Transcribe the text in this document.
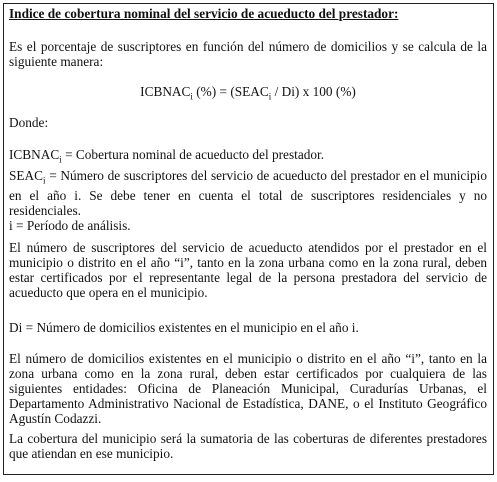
Indice de cobertura nominal del servicio de acueducto del prestador:
Es el porcentaje de suscriptores en función del número de domicilios y se calcula de la siguiente manera:
$ICBNAC_i$ (%) = $(SEAC_i / Di)$ x 100 (%)
Donde:
$ICBNAC_i$ = Cobertura nominal de acueducto del prestador.
$SEAC_i$ = Número de suscriptores del servicio de acueducto del prestador en el municipio en el año i. Se debe tener en cuenta el total de suscriptores residenciales y no residenciales.
i = Período de análisis.
El número de suscriptores del servicio de acueducto atendidos por el prestador en el municipio o distrito en el año “i”, tanto en la zona urbana como en la zona rural, deben estar certificados por el representante legal de la persona prestadora del servicio de acueducto que opera en el municipio.
Di = Número de domicilios existentes en el municipio en el año i.
El número de domicilios existentes en el municipio o distrito en el año “i”, tanto en la zona urbana como en la zona rural, deben estar certificados por cualquiera de las siguientes entidades: Oficina de Planeación Municipal, Curadurías Urbanas, el Departamento Administrativo Nacional de Estadística, DANE, o el Instituto Geográfico Agustín Codazzi.
La cobertura del municipio será la sumatoria de las coberturas de diferentes prestadores que atiendan en ese municipio.
